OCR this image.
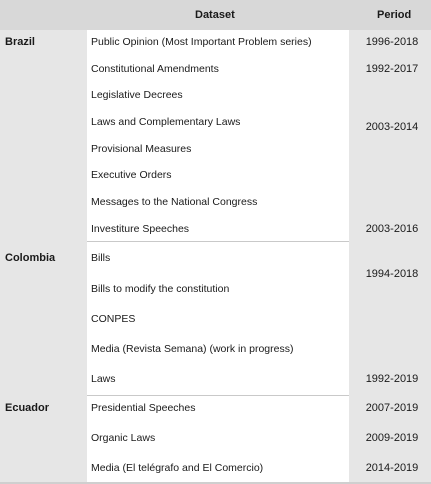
Dataset	Period
Brazil
Colombia
Ecuador
Public Opinion (Most Important Problem series)
Constitutional Amendments
Legislative Decrees
Laws and Complementary Laws
Provisional Measures
Executive Orders
Messages to the National Congress
Investiture Speeches
Bills
Bills to modify the constitution
CONPES
Media (Revista Semana) (work in progress)
Laws
Presidential Speeches
Organic Laws
Media (El telégrafo and El Comercio)
1996-2018
1992-2017
2003-2014
2003-2016
1994-2018
1992-2019
2007-2019
2009-2019
2014-2019
